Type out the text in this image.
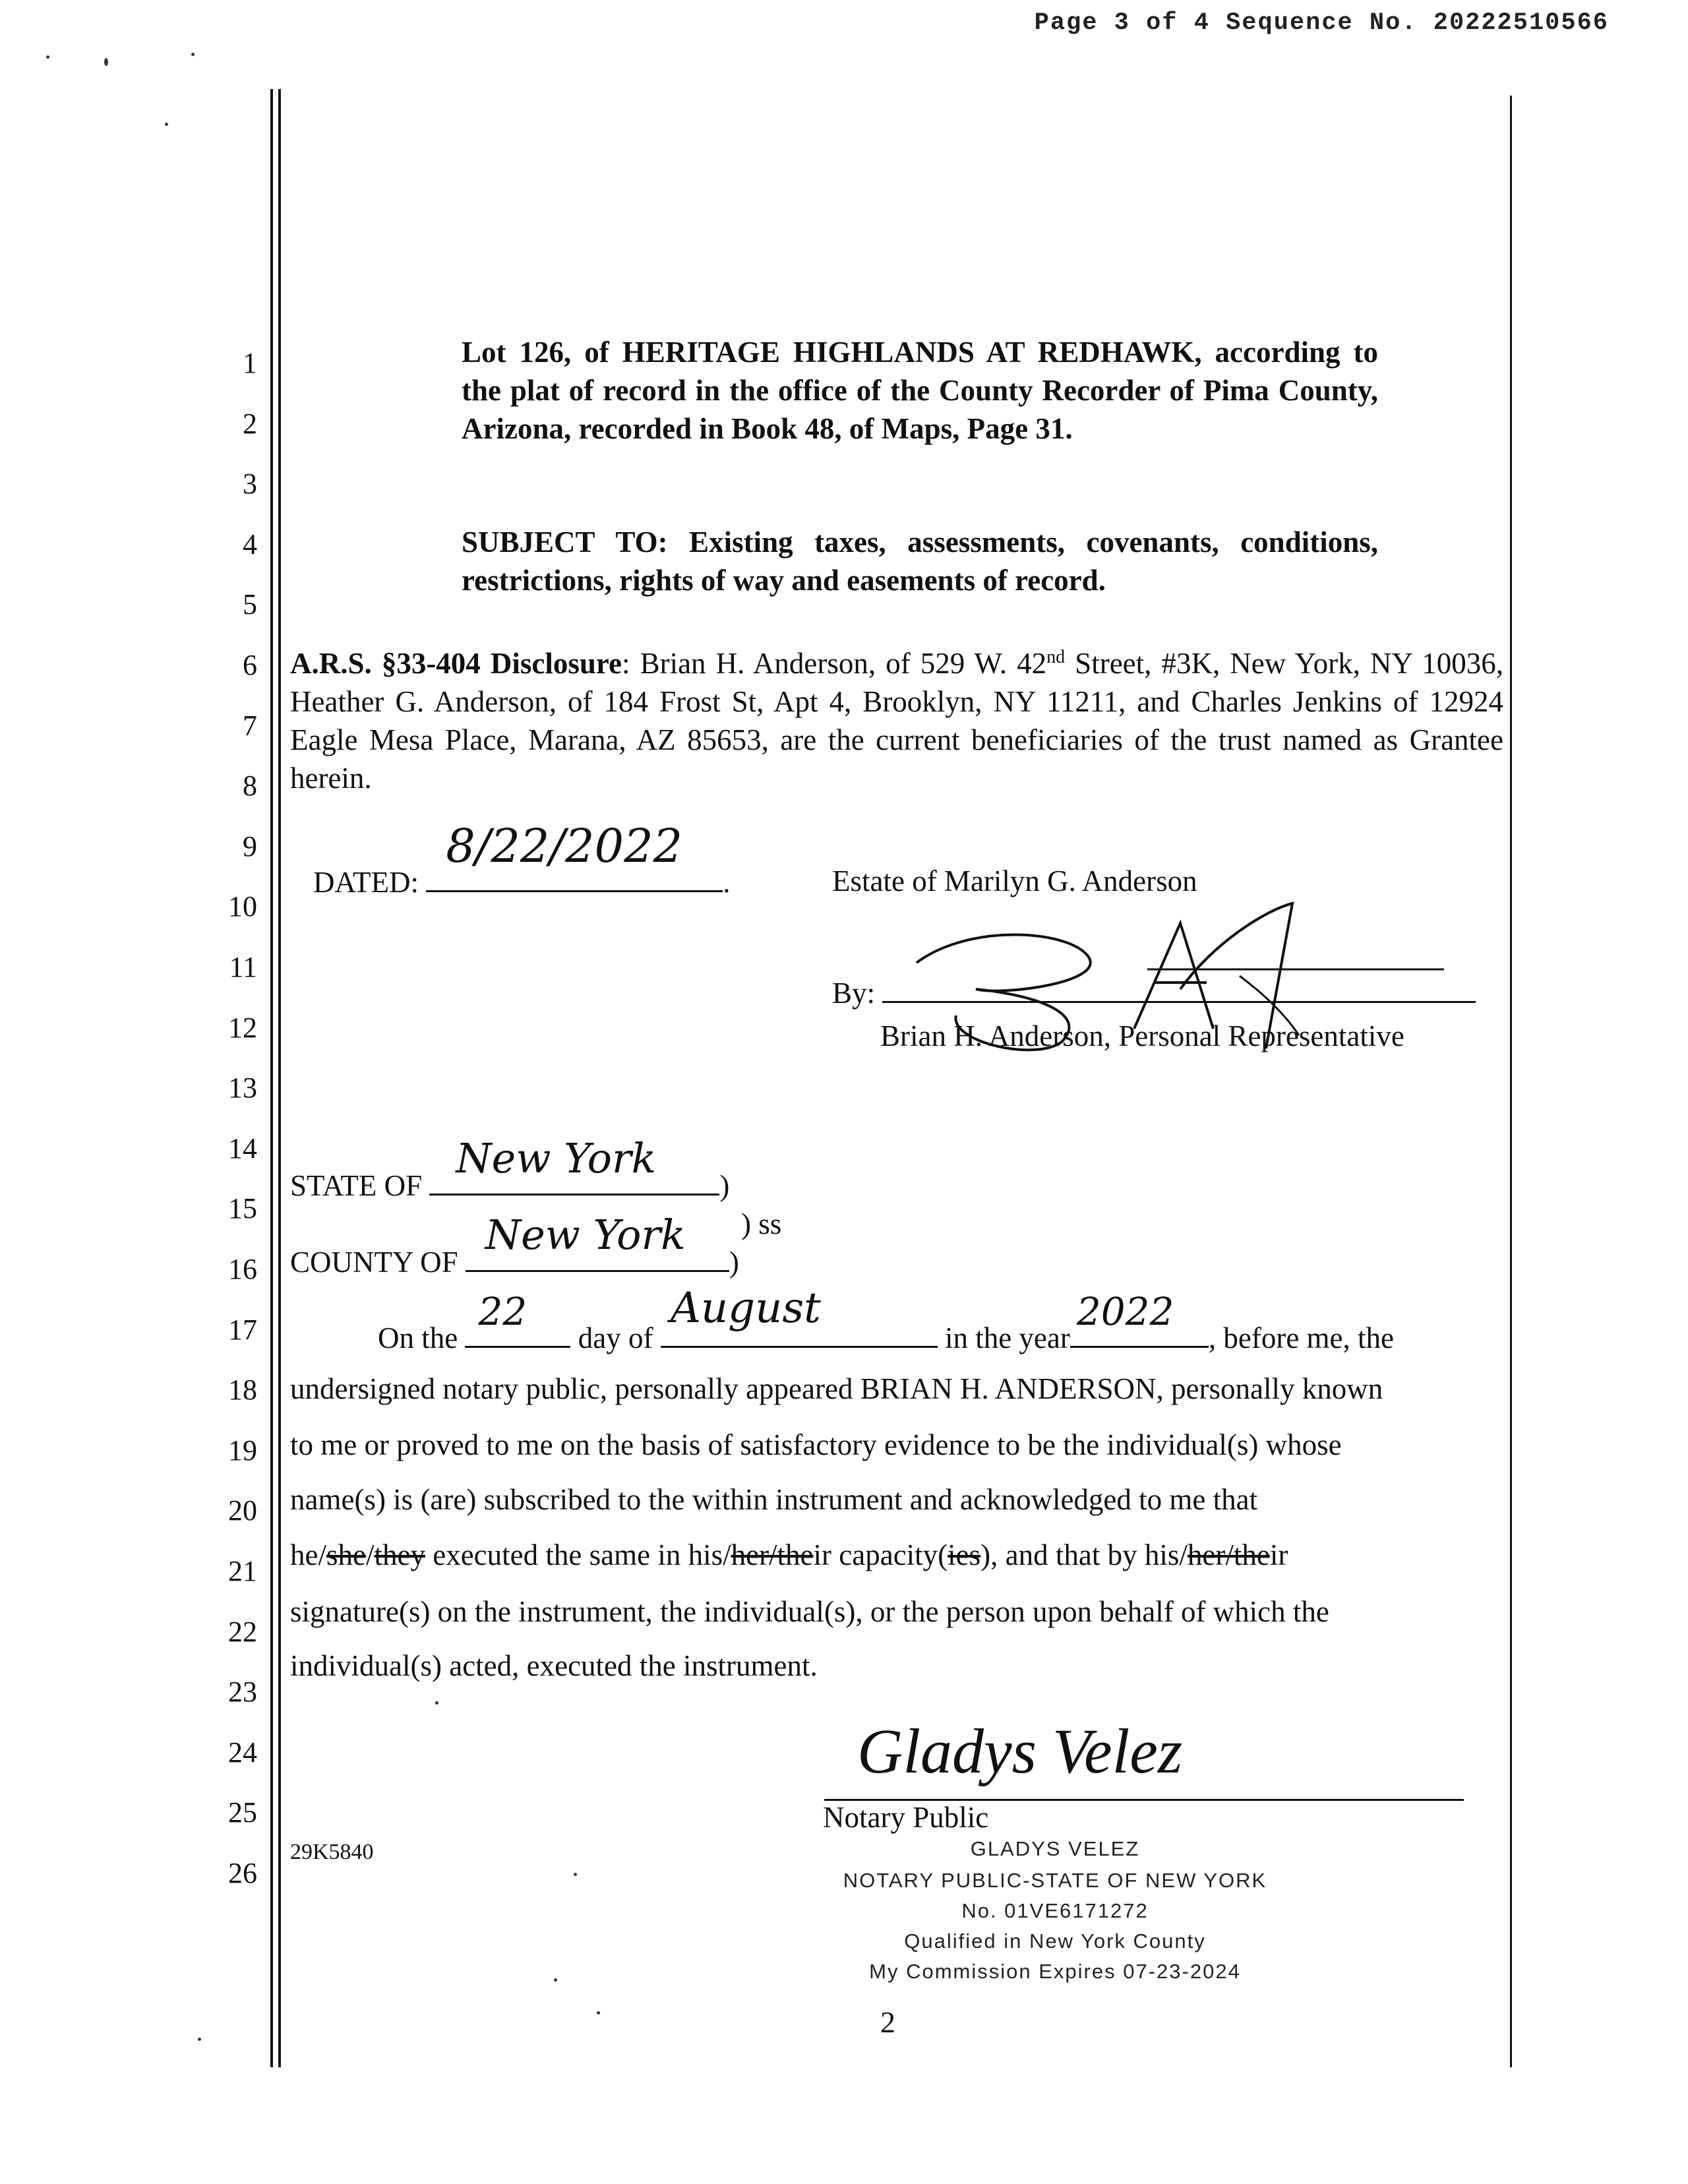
Page 3 of 4 Sequence No. 20222510566
1
2
3
4
5
6
7
8
9
10
11
12
13
14
15
16
17
18
19
20
21
22
23
24
25
26
Lot 126, of HERITAGE HIGHLANDS AT REDHAWK, according to the plat of record in the office of the County Recorder of Pima County, Arizona, recorded in Book 48, of Maps, Page 31.
SUBJECT TO: Existing taxes, assessments, covenants, conditions, restrictions, rights of way and easements of record.
A.R.S. §33-404 Disclosure: Brian H. Anderson, of 529 W. 42nd Street, #3K, New York, NY 10036, Heather G. Anderson, of 184 Frost St, Apt 4, Brooklyn, NY 11211, and Charles Jenkins of 12924 Eagle Mesa Place, Marana, AZ 85653, are the current beneficiaries of the trust named as Grantee herein.
DATED:
8/22/2022
.	Estate of Marilyn G. Anderson
By:
Brian H. Anderson, Personal Representative
STATE OF
New York
)
) ss
COUNTY OF
New York
)
On the
22
day of
August
in the year
2022
, before me, the
undersigned notary public, personally appeared BRIAN H. ANDERSON, personally known
to me or proved to me on the basis of satisfactory evidence to be the individual(s) whose
name(s) is (are) subscribed to the within instrument and acknowledged to me that
he/she/they executed the same in his/her/their capacity(ies), and that by his/her/their
signature(s) on the instrument, the individual(s), or the person upon behalf of which the
individual(s) acted, executed the instrument.
Gladys Velez
Notary Public
29K5840	GLADYS VELEZ
NOTARY PUBLIC-STATE OF NEW YORK
No. 01VE6171272
Qualified in New York County
My Commission Expires 07-23-2024
2
